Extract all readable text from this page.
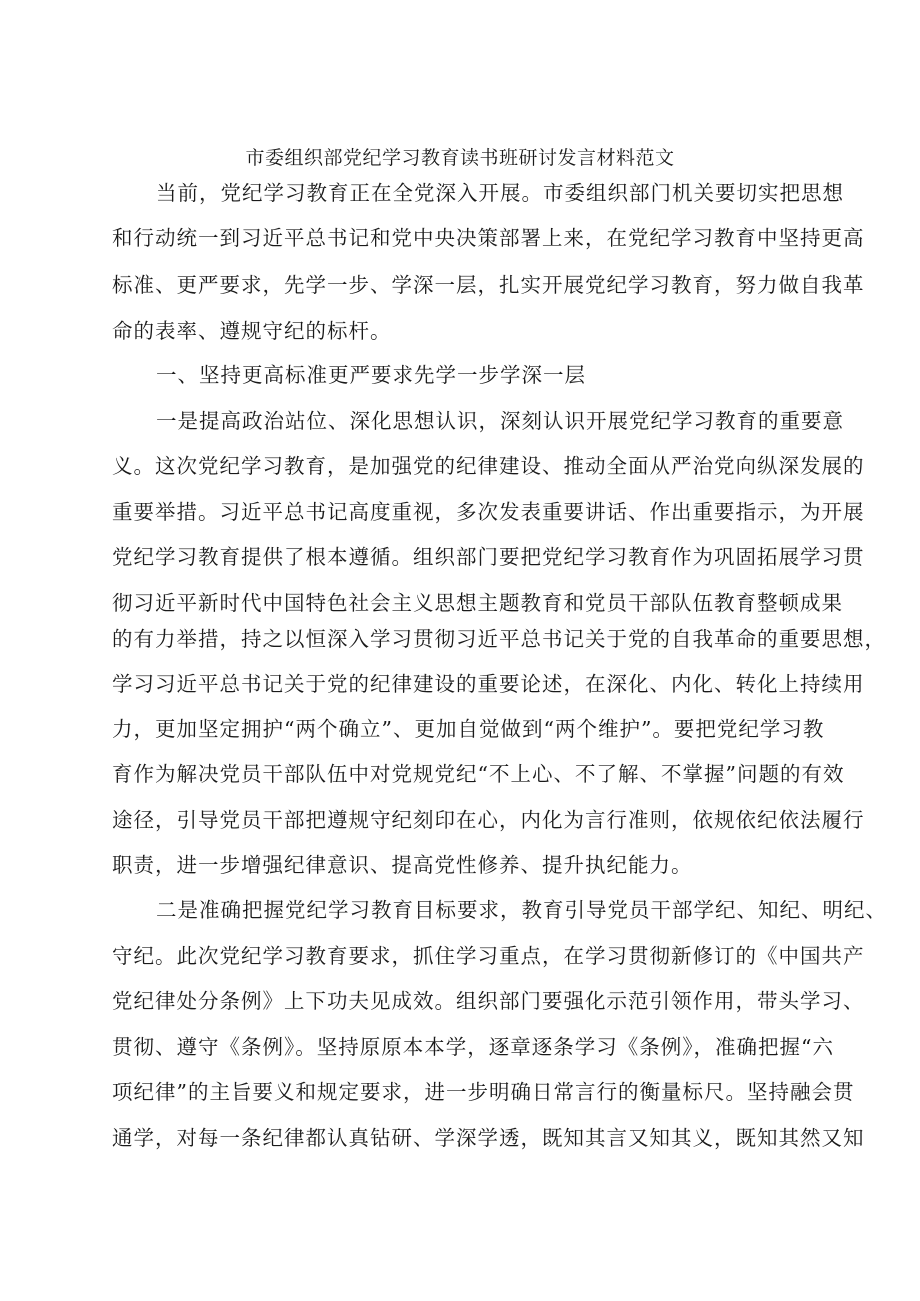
市委组织部党纪学习教育读书班研讨发言材料范文
当前，党纪学习教育正在全党深入开展。市委组织部门机关要切实把思想
和行动统一到习近平总书记和党中央决策部署上来，在党纪学习教育中坚持更高
标准、更严要求，先学一步、学深一层，扎实开展党纪学习教育，努力做自我革
命的表率、遵规守纪的标杆。
一、坚持更高标准更严要求先学一步学深一层
一是提高政治站位、深化思想认识，深刻认识开展党纪学习教育的重要意
义。这次党纪学习教育，是加强党的纪律建设、推动全面从严治党向纵深发展的
重要举措。习近平总书记高度重视，多次发表重要讲话、作出重要指示，为开展
党纪学习教育提供了根本遵循。组织部门要把党纪学习教育作为巩固拓展学习贯
彻习近平新时代中国特色社会主义思想主题教育和党员干部队伍教育整顿成果
的有力举措，持之以恒深入学习贯彻习近平总书记关于党的自我革命的重要思想，
学习习近平总书记关于党的纪律建设的重要论述，在深化、内化、转化上持续用
力，更加坚定拥护“两个确立”、更加自觉做到“两个维护”。要把党纪学习教
育作为解决党员干部队伍中对党规党纪“不上心、不了解、不掌握”问题的有效
途径，引导党员干部把遵规守纪刻印在心，内化为言行准则，依规依纪依法履行
职责，进一步增强纪律意识、提高党性修养、提升执纪能力。
二是准确把握党纪学习教育目标要求，教育引导党员干部学纪、知纪、明纪、
守纪。此次党纪学习教育要求，抓住学习重点，在学习贯彻新修订的《中国共产
党纪律处分条例》上下功夫见成效。组织部门要强化示范引领作用，带头学习、
贯彻、遵守《条例》。坚持原原本本学，逐章逐条学习《条例》，准确把握“六
项纪律”的主旨要义和规定要求，进一步明确日常言行的衡量标尺。坚持融会贯
通学，对每一条纪律都认真钻研、学深学透，既知其言又知其义，既知其然又知
